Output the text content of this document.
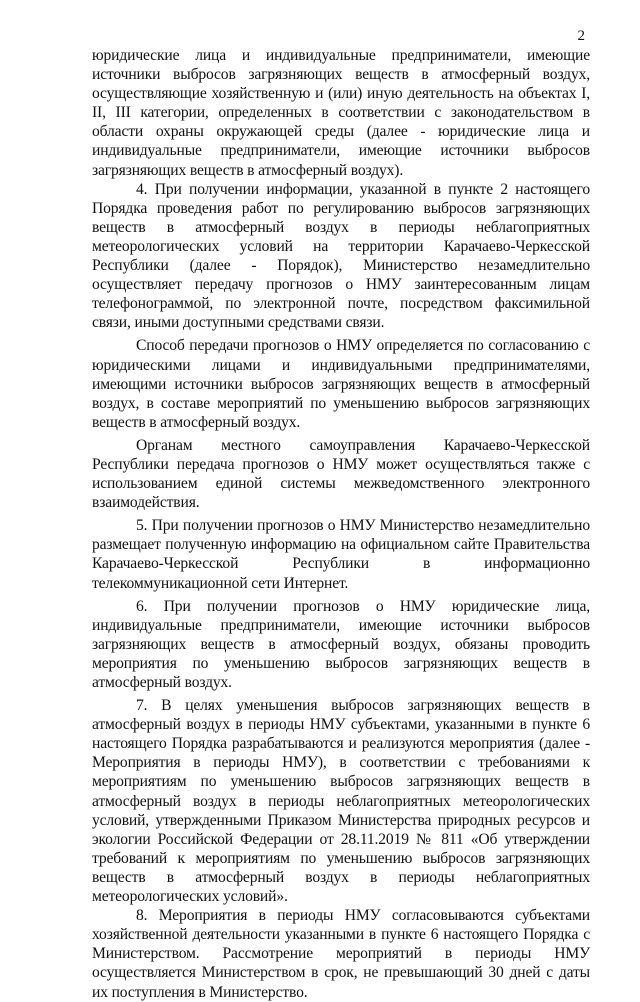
2

юридические лица и индивидуальные предприниматели, имеющие источники выбросов загрязняющих веществ в атмосферный воздух, осуществляющие хозяйственную и (или) иную деятельность на объектах I, II, III категории, определенных в соответствии с законодательством в области охраны окружающей среды (далее - юридические лица и индивидуальные предприниматели, имеющие источники выбросов загрязняющих веществ в атмосферный воздух).

4. При получении информации, указанной в пункте 2 настоящего Порядка проведения работ по регулированию выбросов загрязняющих веществ в атмосферный воздух в периоды неблагоприятных метеорологических условий на территории Карачаево-Черкесской Республики (далее - Порядок), Министерство незамедлительно осуществляет передачу прогнозов о НМУ заинтересованным лицам телефонограммой, по электронной почте, посредством факсимильной связи, иными доступными средствами связи.

Способ передачи прогнозов о НМУ определяется по согласованию с юридическими лицами и индивидуальными предпринимателями, имеющими источники выбросов загрязняющих веществ в атмосферный воздух, в составе мероприятий по уменьшению выбросов загрязняющих веществ в атмосферный воздух.

Органам местного самоуправления Карачаево-Черкесской Республики передача прогнозов о НМУ может осуществляться также с использованием единой системы межведомственного электронного взаимодействия.

5. При получении прогнозов о НМУ Министерство незамедлительно размещает полученную информацию на официальном сайте Правительства Карачаево-Черкесской Республики в информационно телекоммуникационной сети Интернет.

6. При получении прогнозов о НМУ юридические лица, индивидуальные предприниматели, имеющие источники выбросов загрязняющих веществ в атмосферный воздух, обязаны проводить мероприятия по уменьшению выбросов загрязняющих веществ в атмосферный воздух.

7. В целях уменьшения выбросов загрязняющих веществ в атмосферный воздух в периоды НМУ субъектами, указанными в пункте 6 настоящего Порядка разрабатываются и реализуются мероприятия (далее - Мероприятия в периоды НМУ), в соответствии с требованиями к мероприятиям по уменьшению выбросов загрязняющих веществ в атмосферный воздух в периоды неблагоприятных метеорологических условий, утвержденными Приказом Министерства природных ресурсов и экологии Российской Федерации от 28.11.2019 № 811 «Об утверждении требований к мероприятиям по уменьшению выбросов загрязняющих веществ в атмосферный воздух в периоды неблагоприятных метеорологических условий».

8. Мероприятия в периоды НМУ согласовываются субъектами хозяйственной деятельности указанными в пункте 6 настоящего Порядка с Министерством. Рассмотрение мероприятий в периоды НМУ осуществляется Министерством в срок, не превышающий 30 дней с даты их поступления в Министерство.
